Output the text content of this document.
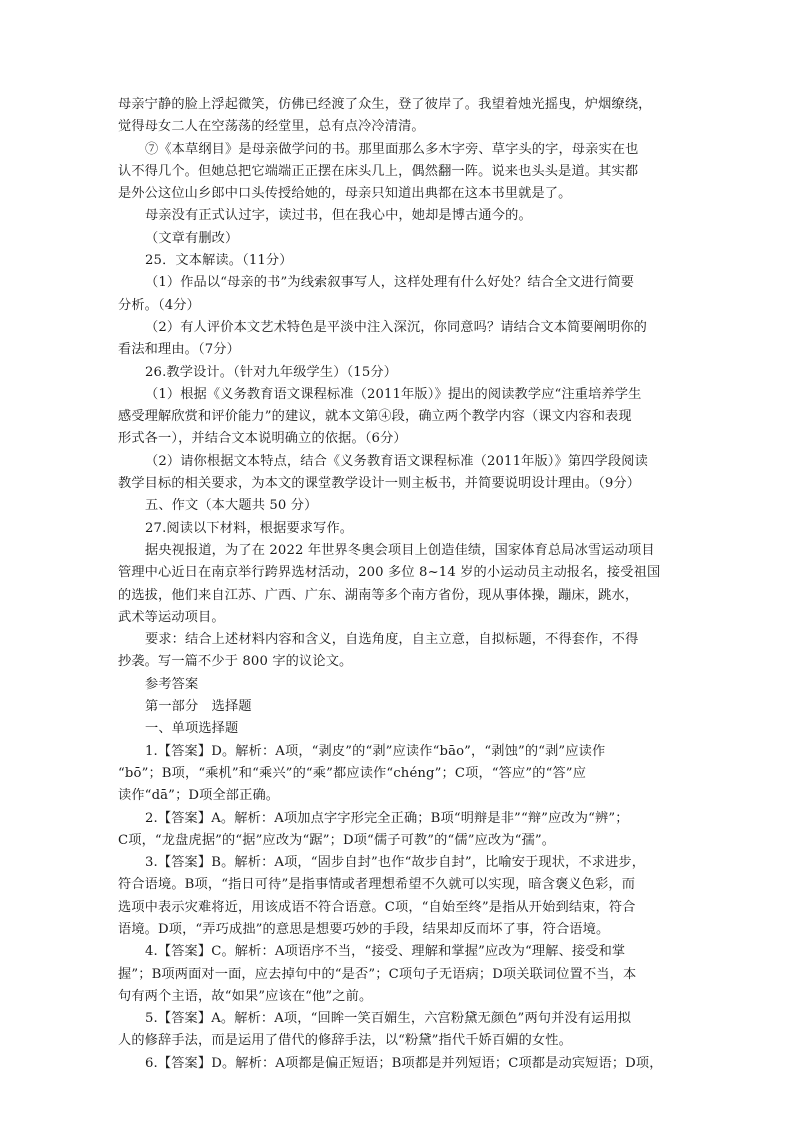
母亲宁静的脸上浮起微笑，仿佛已经渡了众生，登了彼岸了。我望着烛光摇曳，炉烟缭绕，
觉得母女二人在空荡荡的经堂里，总有点冷冷清清。
⑦《本草纲目》是母亲做学问的书。那里面那么多木字旁、草字头的字，母亲实在也
认不得几个。但她总把它端端正正摆在床头几上，偶然翻一阵。说来也头头是道。其实都
是外公这位山乡郎中口头传授给她的，母亲只知道出典都在这本书里就是了。
母亲没有正式认过字，读过书，但在我心中，她却是博古通今的。
（文章有删改）
25．文本解读。（11分）
（1）作品以“母亲的书”为线索叙事写人，这样处理有什么好处？结合全文进行简要
分析。（4分）
（2）有人评价本文艺术特色是平淡中注入深沉，你同意吗？请结合文本简要阐明你的
看法和理由。（7分）
26.教学设计。（针对九年级学生）（15分）
（1）根据《义务教育语文课程标准（2011年版）》提出的阅读教学应“注重培养学生
感受理解欣赏和评价能力”的建议，就本文第④段，确立两个教学内容（课文内容和表现
形式各一），并结合文本说明确立的依据。（6分）
（2）请你根据文本特点，结合《义务教育语文课程标准（2011年版）》第四学段阅读
教学目标的相关要求，为本文的课堂教学设计一则主板书，并简要说明设计理由。（9分）
五、作文（本大题共 50 分）
27.阅读以下材料，根据要求写作。
据央视报道，为了在 2022 年世界冬奥会项目上创造佳绩，国家体育总局冰雪运动项目
管理中心近日在南京举行跨界选材活动，200 多位 8~14 岁的小运动员主动报名，接受祖国
的选拔，他们来自江苏、广西、广东、湖南等多个南方省份，现从事体操，蹦床，跳水，
武术等运动项目。
要求：结合上述材料内容和含义，自选角度，自主立意，自拟标题，不得套作，不得
抄袭。写一篇不少于 800 字的议论文。
参考答案
第一部分　选择题
一、单项选择题
1.【答案】D。解析：A项，“剥皮”的“剥”应读作“bāo”，“剥蚀”的“剥”应读作
“bō”；B项，“乘机”和“乘兴”的“乘”都应读作“chéng”；C项，“答应”的“答”应
读作“dā”；D项全部正确。
2.【答案】A。解析：A项加点字字形完全正确；B项“明辩是非”“辩”应改为“辨”；
C项，“龙盘虎据”的“据”应改为“踞”；D项“儒子可教”的“儒”应改为“孺”。
3.【答案】B。解析：A项，“固步自封”也作“故步自封”，比喻安于现状，不求进步，
符合语境。B项，“指日可待”是指事情或者理想希望不久就可以实现，暗含褒义色彩，而
选项中表示灾难将近，用该成语不符合语意。C项，“自始至终”是指从开始到结束，符合
语境。D项，“弄巧成拙”的意思是想要巧妙的手段，结果却反而坏了事，符合语境。
4.【答案】C。解析：A项语序不当，“接受、理解和掌握”应改为“理解、接受和掌
握”；B项两面对一面，应去掉句中的“是否”；C项句子无语病；D项关联词位置不当，本
句有两个主语，故“如果”应该在“他”之前。
5.【答案】A。解析：A项，“回眸一笑百媚生，六宫粉黛无颜色”两句并没有运用拟
人的修辞手法，而是运用了借代的修辞手法，以“粉黛”指代千娇百媚的女性。
6.【答案】D。解析：A项都是偏正短语；B项都是并列短语；C项都是动宾短语；D项，
